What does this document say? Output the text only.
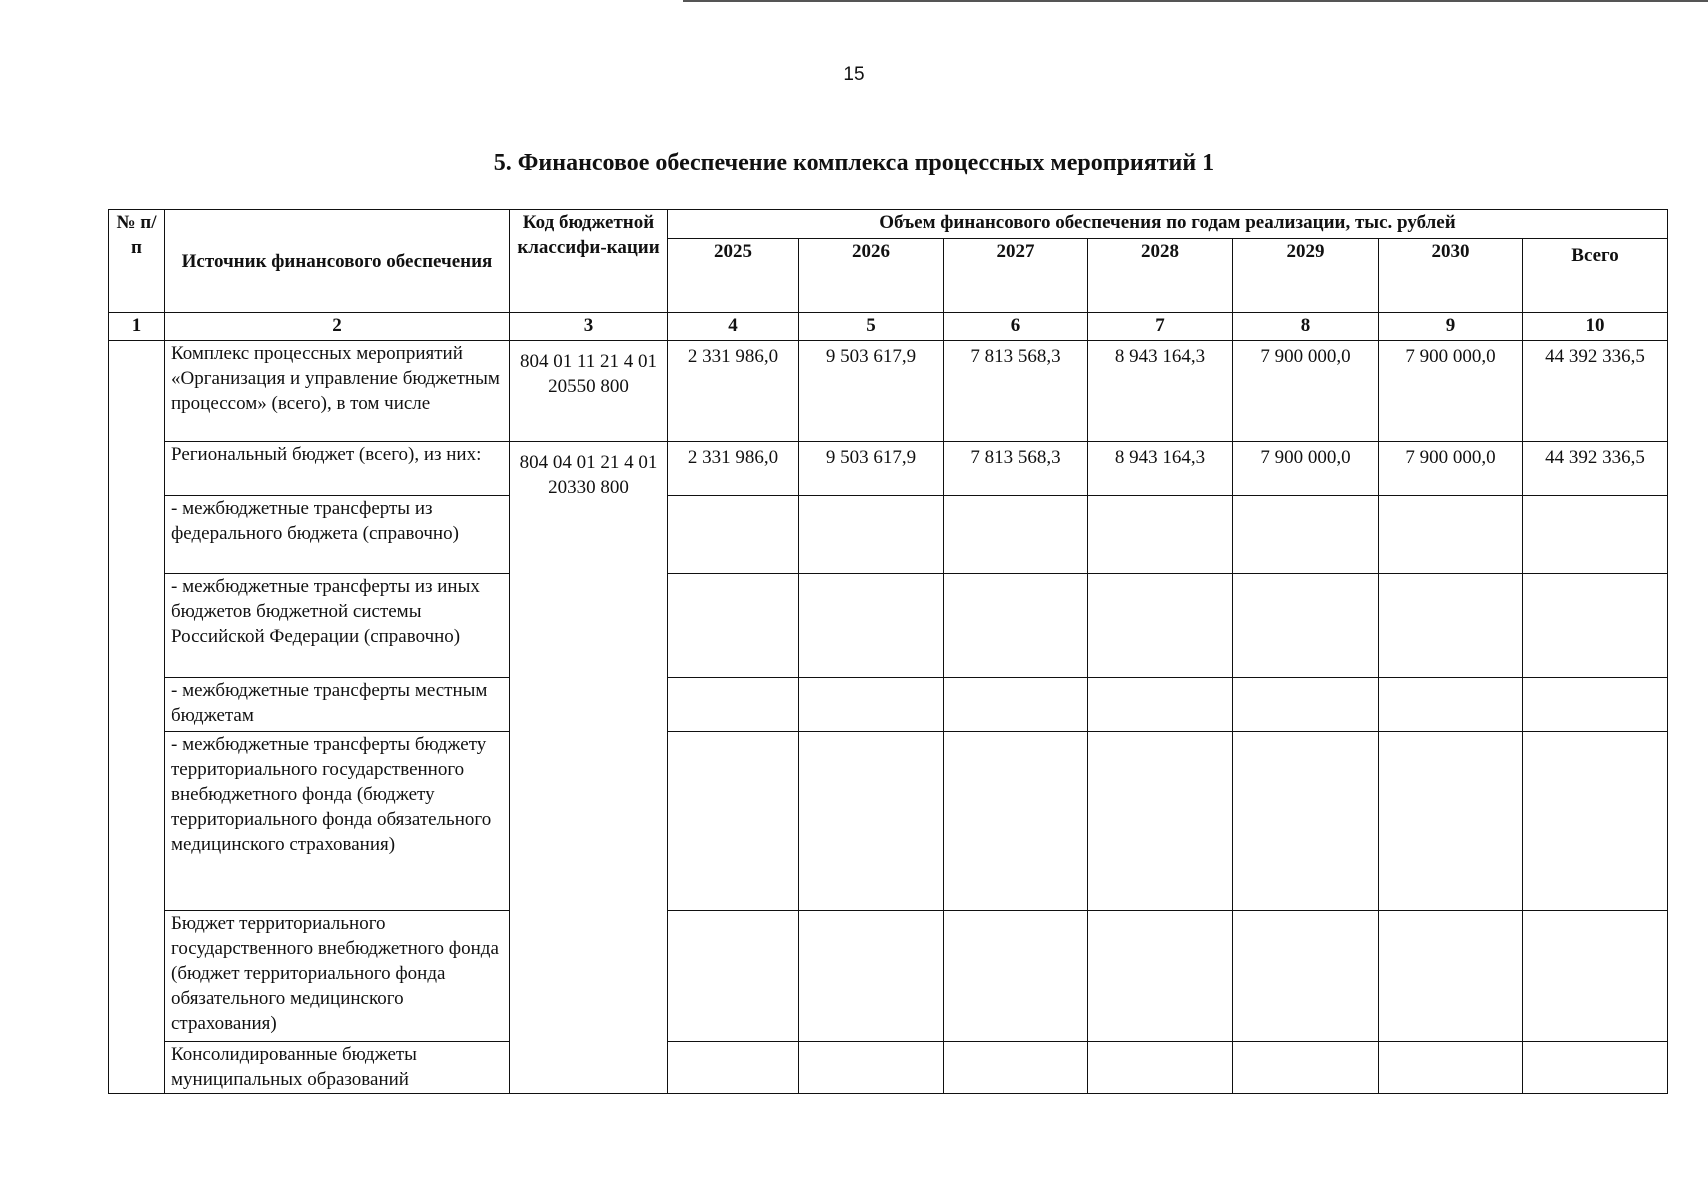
15
5. Финансовое обеспечение комплекса процессных мероприятий 1
№ п/п	Источник финансового обеспечения	Код бюджетной классифи-кации	Объем финансового обеспечения по годам реализации, тыс. рублей						
			2025	2026	2027	2028	2029	2030	Всего
1	2	3	4	5	6	7	8	9	10
	Комплекс процессных мероприятий «Организация и управление бюджетным процессом» (всего), в том числе	804 01 11 21 4 01 20550 800	2 331 986,0	9 503 617,9	7 813 568,3	8 943 164,3	7 900 000,0	7 900 000,0	44 392 336,5
	Региональный бюджет (всего), из них:	804 04 01 21 4 01 20330 800	2 331 986,0	9 503 617,9	7 813 568,3	8 943 164,3	7 900 000,0	7 900 000,0	44 392 336,5
	- межбюджетные трансферты из федерального бюджета (справочно)								
	- межбюджетные трансферты из иных бюджетов бюджетной системы Российской Федерации (справочно)								
	- межбюджетные трансферты местным бюджетам								
	- межбюджетные трансферты бюджету территориального государственного внебюджетного фонда (бюджету территориального фонда обязательного медицинского страхования)								
	Бюджет территориального государственного внебюджетного фонда (бюджет территориального фонда обязательного медицинского страхования)								
	Консолидированные бюджеты муниципальных образований								
